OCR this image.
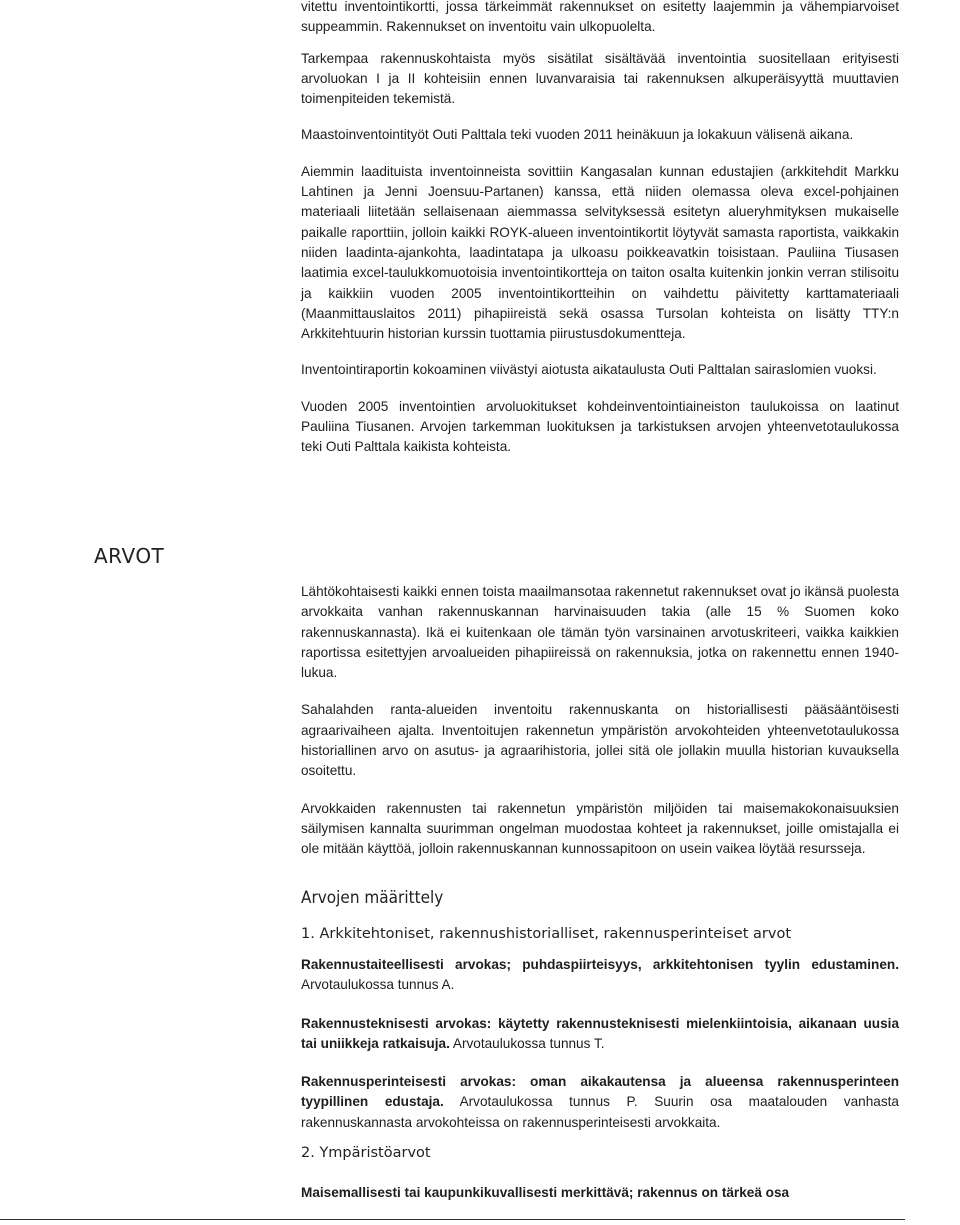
vitettu inventointikortti, jossa tärkeimmät rakennukset on esitetty laajemmin ja vähempiarvoiset suppeammin. Rakennukset on inventoitu vain ulkopuolelta.

Tarkempaa rakennuskohtaista myös sisätilat sisältävää inventointia suositellaan erityisesti arvoluokan I ja II kohteisiin ennen luvanvaraisia tai rakennuksen alkuperäisyyttä muuttavien toimenpiteiden tekemistä.

Maastoinventointityöt Outi Palttala teki vuoden 2011 heinäkuun ja lokakuun välisenä aikana.

Aiemmin laadituista inventoinneista sovittiin Kangasalan kunnan edustajien (arkkitehdit Markku Lahtinen ja Jenni Joensuu-Partanen) kanssa, että niiden olemassa oleva excel-pohjainen materiaali liitetään sellaisenaan aiemmassa selvityksessä esitetyn alueryhmityksen mukaiselle paikalle raporttiin, jolloin kaikki ROYK-alueen inventointikortit löytyvät samasta raportista, vaikkakin niiden laadinta-ajankohta, laadintatapa ja ulkoasu poikkeavatkin toisistaan. Pauliina Tiusasen laatimia excel-taulukkomuotoisia inventointikortteja on taiton osalta kuitenkin jonkin verran stilisoitu ja kaikkiin vuoden 2005 inventointikortteihin on vaihdettu päivitetty karttamateriaali (Maanmittauslaitos 2011) pihapiireistä sekä osassa Tursolan kohteista on lisätty TTY:n Arkkitehtuurin historian kurssin tuottamia piirustusdokumentteja.

Inventointiraportin kokoaminen viivästyi aiotusta aikataulusta Outi Palttalan sairaslomien vuoksi.

Vuoden 2005 inventointien arvoluokitukset kohdeinventointiaineiston taulukoissa on laatinut Pauliina Tiusanen. Arvojen tarkemman luokituksen ja tarkistuksen arvojen yhteenvetotaulukossa teki Outi Palttala kaikista kohteista.

ARVOT

Lähtökohtaisesti kaikki ennen toista maailmansotaa rakennetut rakennukset ovat jo ikänsä puolesta arvokkaita vanhan rakennuskannan harvinaisuuden takia (alle 15 % Suomen koko rakennuskannasta). Ikä ei kuitenkaan ole tämän työn varsinainen arvotuskriteeri, vaikka kaikkien raportissa esitettyjen arvoalueiden pihapiireissä on rakennuksia, jotka on rakennettu ennen 1940-lukua.

Sahalahden ranta-alueiden inventoitu rakennuskanta on historiallisesti pääsääntöisesti agraarivaiheen ajalta. Inventoitujen rakennetun ympäristön arvokohteiden yhteenvetotaulukossa historiallinen arvo on asutus- ja agraarihistoria, jollei sitä ole jollakin muulla historian kuvauksella osoitettu.

Arvokkaiden rakennusten tai rakennetun ympäristön miljöiden tai maisemakokonaisuuksien säilymisen kannalta suurimman ongelman muodostaa kohteet ja rakennukset, joille omistajalla ei ole mitään käyttöä, jolloin rakennuskannan kunnossapitoon on usein vaikea löytää resursseja.

Arvojen määrittely
1. Arkkitehtoniset, rakennushistorialliset, rakennusperinteiset arvot

Rakennustaiteellisesti arvokas; puhdaspiirteisyys, arkkitehtonisen tyylin edustaminen. Arvotaulukossa tunnus A.

Rakennusteknisesti arvokas: käytetty rakennusteknisesti mielenkiintoisia, aikanaan uusia tai uniikkeja ratkaisuja. Arvotaulukossa tunnus T.

Rakennusperinteisesti arvokas: oman aikakautensa ja alueensa rakennusperinteen tyypillinen edustaja. Arvotaulukossa tunnus P. Suurin osa maatalouden vanhasta rakennuskannasta arvokohteissa on rakennusperinteisesti arvokkaita.

2. Ympäristöarvot

Maisemallisesti tai kaupunkikuvallisesti merkittävä; rakennus on tärkeä osa
